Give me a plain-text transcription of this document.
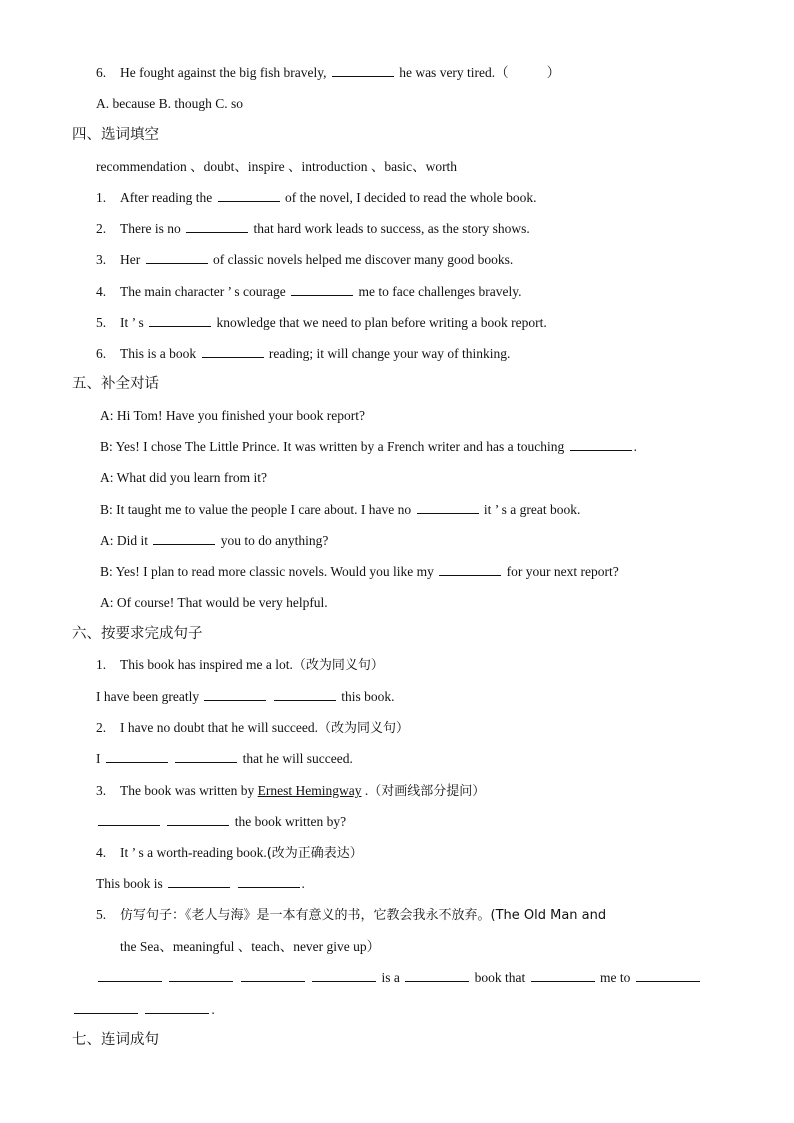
6. He fought against the big fish bravely,	he was very tired.（	）
A. because B. though C. so
四、选词填空
recommendation 、doubt、inspire 、introduction 、basic、worth
1. After reading the	of the novel, I decided to read the whole book.
2. There is no	that hard work leads to success, as the story shows.
3. Her	of classic novels helped me discover many good books.
4. The main character ’ s courage	me to face challenges bravely.
5. It ’ s	knowledge that we need to plan before writing a book report.
6. This is a book	reading; it will change your way of thinking.
五、补全对话
A: Hi Tom! Have you finished your book report?
B: Yes! I chose The Little Prince. It was written by a French writer and has a touching	.
A: What did you learn from it?
B: It taught me to value the people I care about. I have no	it ’ s a great book.
A: Did it	you to do anything?
B: Yes! I plan to read more classic novels. Would you like my	for your next report?
A: Of course! That would be very helpful.
六、按要求完成句子
1. This book has inspired me a lot.（改为同义句）
I have been greatly	this book.
2. I have no doubt that he will succeed.（改为同义句）
I	that he will succeed.
3. The book was written by Ernest Hemingway .（对画线部分提问）
the book written by?
4. It ’ s a worth-reading book.(改为正确表达）
This book is	.
5. 仿写句子：《老人与海》是一本有意义的书，它教会我永不放弃。(The Old Man and
the Sea、meaningful 、teach、never give up）
is a	book that	me to
.
七、连词成句
